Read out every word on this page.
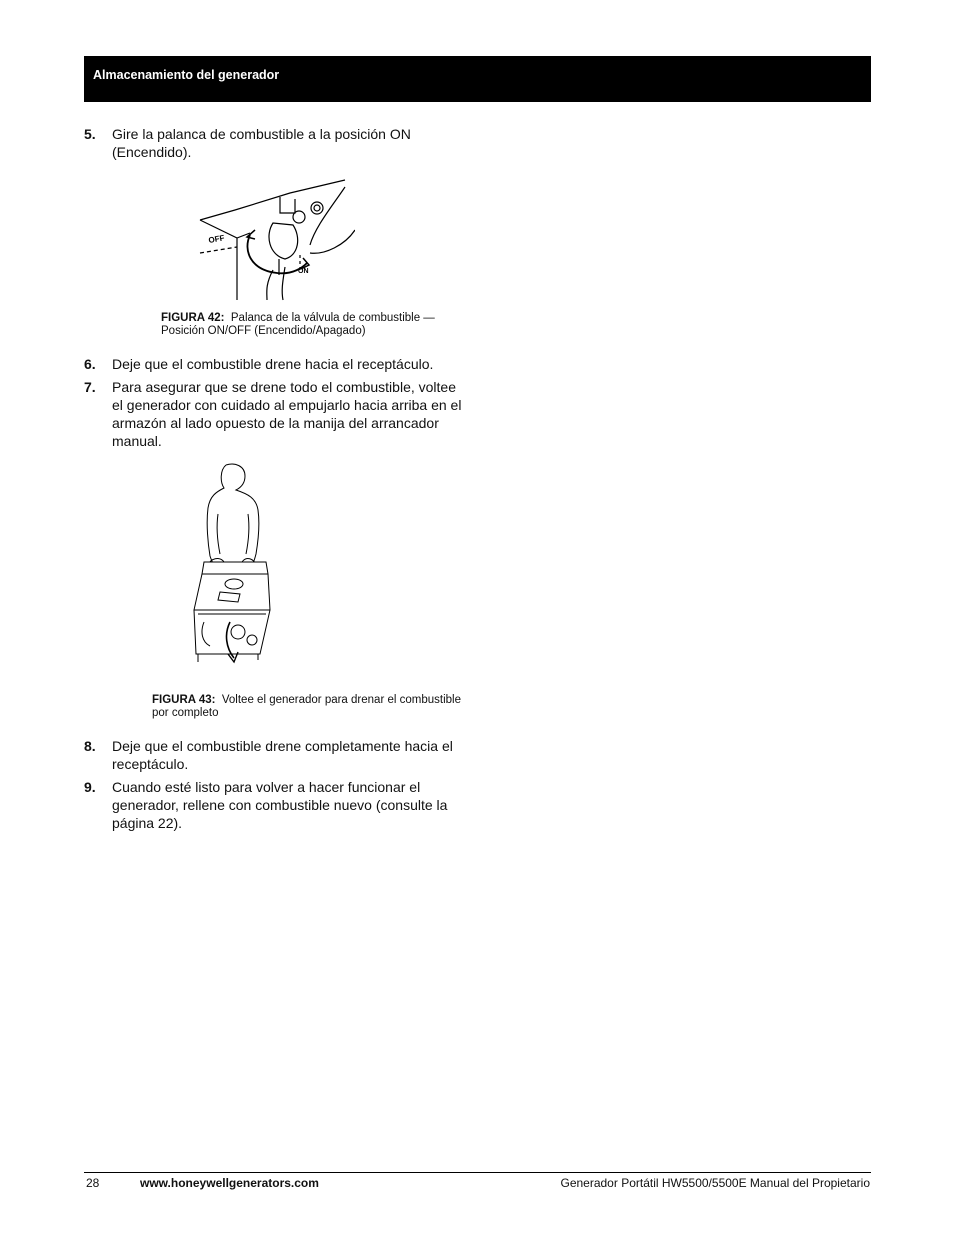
Almacenamiento del generador
5. Gire la palanca de combustible a la posición ON (Encendido).
OFF
ON
FIGURA 42: Palanca de la válvula de combustible — Posición ON/OFF (Encendido/Apagado)
6. Deje que el combustible drene hacia el receptáculo.
7. Para asegurar que se drene todo el combustible, voltee el generador con cuidado al empujarlo hacia arriba en el armazón al lado opuesto de la manija del arrancador manual.
FIGURA 43: Voltee el generador para drenar el combustible por completo
8. Deje que el combustible drene completamente hacia el receptáculo.
9. Cuando esté listo para volver a hacer funcionar el generador, rellene con combustible nuevo (consulte la página 22).
28	www.honeywellgenerators.com	Generador Portátil HW5500/5500E Manual del Propietario
